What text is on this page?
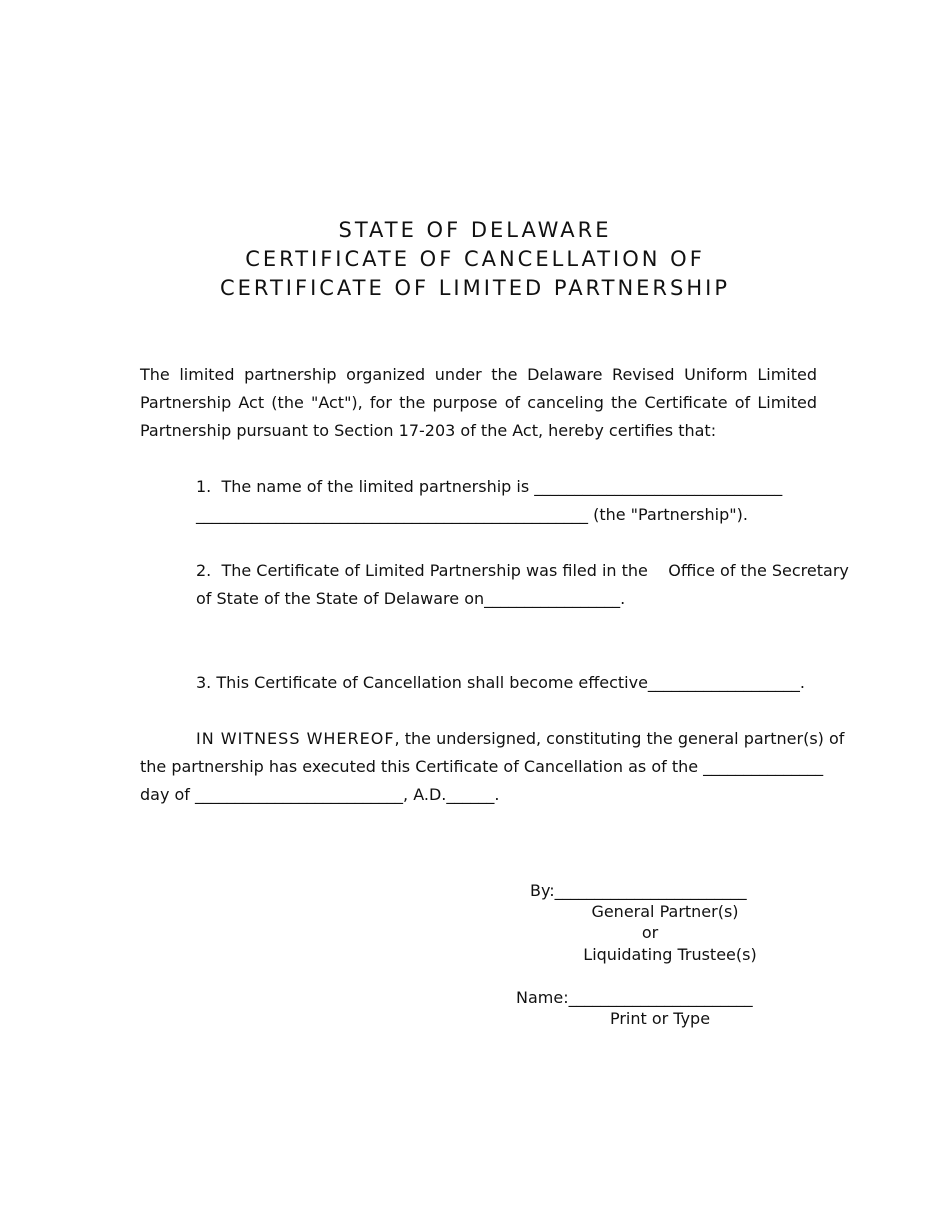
STATE OF DELAWARE
CERTIFICATE OF CANCELLATION OF
CERTIFICATE OF LIMITED PARTNERSHIP
The limited partnership organized under the Delaware Revised Uniform Limited Partnership Act (the "Act"), for the purpose of canceling the Certificate of Limited Partnership pursuant to Section 17-203 of the Act, hereby certifies that:
1.  The name of the limited partnership is _______________________________
_________________________________________________ (the "Partnership").
2.  The Certificate of Limited Partnership was filed in the    Office of the Secretary
of State of the State of Delaware on_________________.
3. This Certificate of Cancellation shall become effective___________________.
IN WITNESS WHEREOF, the undersigned, constituting the general partner(s) of
the partnership has executed this Certificate of Cancellation as of the _______________
day of __________________________, A.D.______.
By:________________________
General Partner(s)
or
Liquidating Trustee(s)
Name:_______________________
Print or Type
